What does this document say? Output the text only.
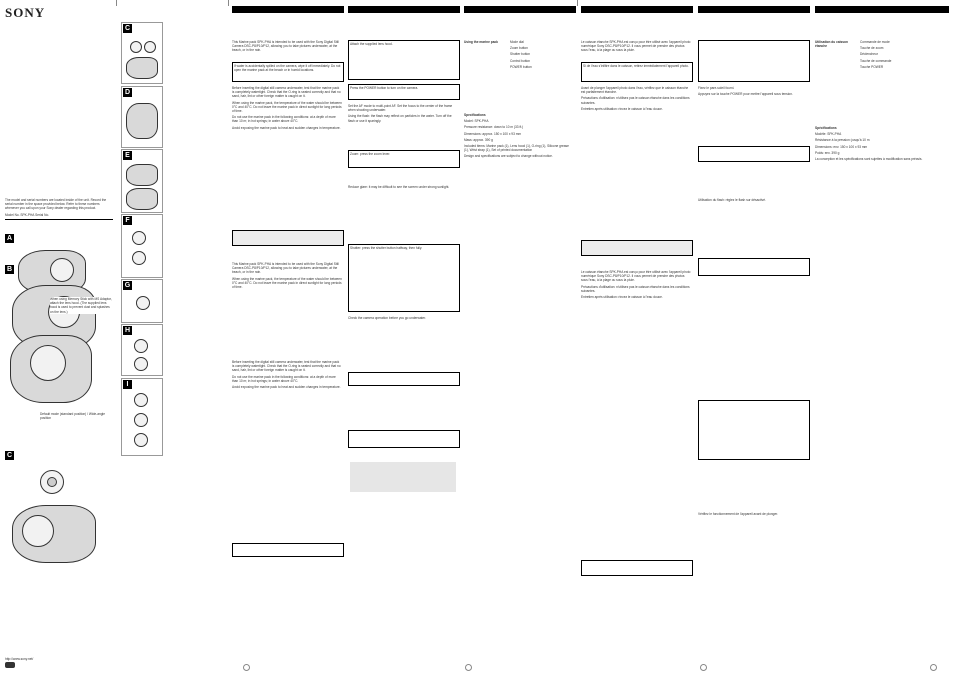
SONY
The model and serial numbers are located inside of the unit. Record the serial number in the space provided below. Refer to these numbers whenever you call upon your Sony dealer regarding this product.
Model No. SPK-PHA Serial No.
A
B
When using Memory Stick with MS Adaptor, attach the lens hood. (The supplied lens hood is used to prevent dust and splashes on the lens.)
Default mode (standard position) / Wide-angle position
C
http://www.sony.net/
C
D
E
F
G
H
I

This Marine pack SPK-PHA is intended to be used with the Sony Digital Still Camera DSC-P8/P10/P12, allowing you to take pictures underwater, at the beach, or in the rain.

If water is accidentally spilled on the camera, wipe it off immediately. Do not open the marine pack at the beach or in humid locations.

Before inserting the digital still camera underwater, test that the marine pack is completely watertight. Check that the O-ring is seated correctly and that no sand, hair, lint or other foreign matter is caught on it.

When using the marine pack, the temperature of the water should be between 0°C and 40°C. Do not leave the marine pack in direct sunlight for long periods of time.

Do not use the marine pack in the following conditions: at a depth of more than 10 m; in hot springs; in water above 40°C.

Avoid exposing the marine pack to heat and sudden changes in temperature.

This Marine pack SPK-PHA is intended to be used with the Sony Digital Still Camera DSC-P8/P10/P12, allowing you to take pictures underwater, at the beach, or in the rain.

When using the marine pack, the temperature of the water should be between 0°C and 40°C. Do not leave the marine pack in direct sunlight for long periods of time.

Before inserting the digital still camera underwater, test that the marine pack is completely watertight. Check that the O-ring is seated correctly and that no sand, hair, lint or other foreign matter is caught on it.

Do not use the marine pack in the following conditions: at a depth of more than 10 m; in hot springs; in water above 40°C.

Avoid exposing the marine pack to heat and sudden changes in temperature.

Attach the supplied lens hood.
Press the POWER button to turn on the camera.

Set the AF mode to multi-point AF. Set the focus to the center of the frame when shooting underwater.

Using the flash: the flash may reflect on particles in the water. Turn off the flash or use it sparingly.

Zoom: press the zoom lever.

Reduce glare: it may be difficult to see the screen under strong sunlight.

Shutter: press the shutter button halfway, then fully.

Check the camera operation before you go underwater.

Using the marine pack	Mode dial

Zoom button

Shutter button

Control button

POWER button

Specifications

Model: SPK-PHA

Pressure resistance: down to 10 m (33 ft.)

Dimensions: approx. 150 x 100 x 93 mm

Mass: approx. 390 g

Included items: Marine pack (1), Lens hood (1), O-ring (1), Silicone grease (1), Wrist strap (1), Set of printed documentation

Design and specifications are subject to change without notice.

Le caisson étanche SPK-PHA est conçu pour être utilisé avec l'appareil photo numérique Sony DSC-P8/P10/P12. Il vous permet de prendre des photos sous l'eau, à la plage ou sous la pluie.

Si de l'eau s'infiltre dans le caisson, retirez immédiatement l'appareil photo.

Avant de plonger l'appareil photo dans l'eau, vérifiez que le caisson étanche est parfaitement étanche.

Précautions d'utilisation: n'utilisez pas le caisson étanche dans les conditions suivantes.

Entretien après utilisation: rincez le caisson à l'eau douce.

Le caisson étanche SPK-PHA est conçu pour être utilisé avec l'appareil photo numérique Sony DSC-P8/P10/P12. Il vous permet de prendre des photos sous l'eau, à la plage ou sous la pluie.

Précautions d'utilisation: n'utilisez pas le caisson étanche dans les conditions suivantes.

Entretien après utilisation: rincez le caisson à l'eau douce.

Fixez le pare-soleil fourni.

Appuyez sur la touche POWER pour mettre l'appareil sous tension.

Utilisation du flash: réglez le flash sur désactivé.

Vérifiez le fonctionnement de l'appareil avant de plonger.

Utilisation du caisson étanche

Commande de mode

Touche de zoom

Déclencheur

Touche de commande

Touche POWER

Spécifications

Modèle: SPK-PHA

Résistance à la pression: jusqu'à 10 m

Dimensions: env. 150 x 100 x 93 mm

Poids: env. 390 g

La conception et les spécifications sont sujettes à modification sans préavis.
